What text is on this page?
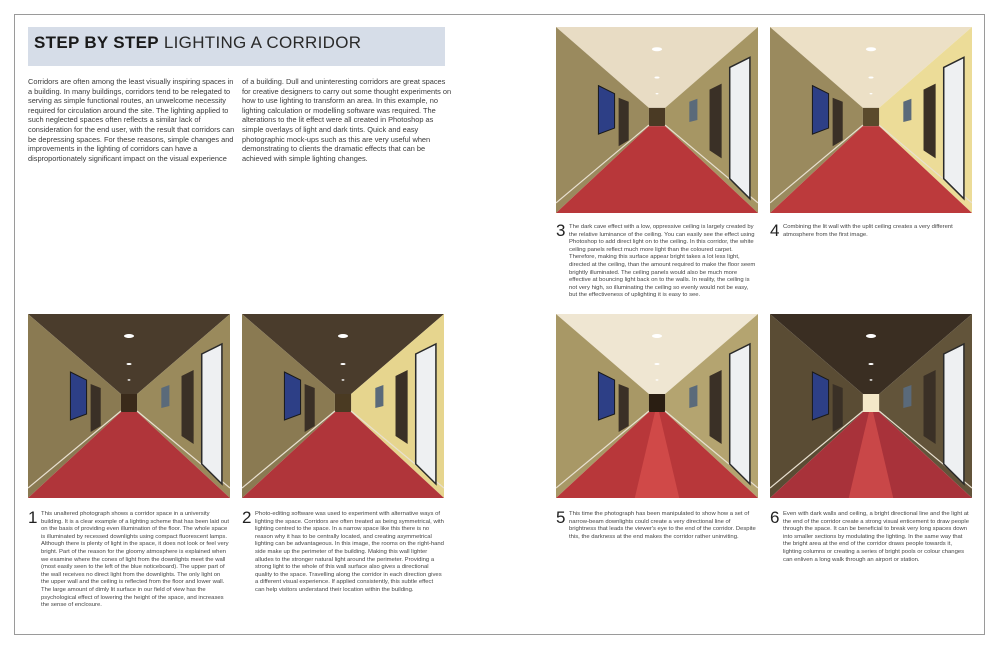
STEP BY STEP LIGHTING A CORRIDOR
Corridors are often among the least visually inspiring spaces in a building. In many buildings, corridors tend to be relegated to serving as simple functional routes, an unwelcome necessity required for circulation around the site. The lighting applied to such neglected spaces often reflects a similar lack of consideration for the end user, with the result that corridors can be depressing spaces. For these reasons, simple changes and improvements in the lighting of corridors can have a disproportionately significant impact on the visual experience
of a building. Dull and uninteresting corridors are great spaces for creative designers to carry out some thought experiments on how to use lighting to transform an area. In this example, no lighting calculation or modelling software was required. The alterations to the lit effect were all created in Photoshop as simple overlays of light and dark tints. Quick and easy photographic mock-ups such as this are very useful when demonstrating to clients the dramatic effects that can be achieved with simple lighting changes.
1 This unaltered photograph shows a corridor space in a university building. It is a clear example of a lighting scheme that has been laid out on the basis of providing even illumination of the floor. The whole space is illuminated by recessed downlights using compact fluorescent lamps. Although there is plenty of light in the space, it does not look or feel very bright. Part of the reason for the gloomy atmosphere is explained when we examine where the cones of light from the downlights meet the wall (most easily seen to the left of the blue noticeboard). The upper part of the wall receives no direct light from the downlights. The only light on the upper wall and the ceiling is reflected from the floor and lower wall. The large amount of dimly lit surface in our field of view has the psychological effect of lowering the height of the space, and increases the sense of enclosure.
2 Photo-editing software was used to experiment with alternative ways of lighting the space. Corridors are often treated as being symmetrical, with lighting centred to the space. In a narrow space like this there is no reason why it has to be centrally located, and creating asymmetrical lighting can be advantageous. In this image, the rooms on the right-hand side make up the perimeter of the building. Making this wall lighter alludes to the stronger natural light around the perimeter. Providing a strong light to the whole of this wall surface also gives a directional quality to the space. Travelling along the corridor in each direction gives a different visual experience. If applied consistently, this subtle effect can help visitors understand their location within the building.
3 The dark cave effect with a low, oppressive ceiling is largely created by the relative luminance of the ceiling. You can easily see the effect using Photoshop to add direct light on to the ceiling. In this corridor, the white ceiling panels reflect much more light than the coloured carpet. Therefore, making this surface appear bright takes a lot less light, directed at the ceiling, than the amount required to make the floor seem brightly illuminated. The ceiling panels would also be much more effective at bouncing light back on to the walls. In reality, the ceiling is not very high, so illuminating the ceiling so evenly would not be easy, but the effectiveness of uplighting it is easy to see.
4 Combining the lit wall with the uplit ceiling creates a very different atmosphere from the first image.
5 This time the photograph has been manipulated to show how a set of narrow-beam downlights could create a very directional line of brightness that leads the viewer's eye to the end of the corridor. Despite this, the darkness at the end makes the corridor rather uninviting.
6 Even with dark walls and ceiling, a bright directional line and the light at the end of the corridor create a strong visual enticement to draw people through the space. It can be beneficial to break very long spaces down into smaller sections by modulating the lighting. In the same way that the bright area at the end of the corridor draws people towards it, lighting columns or creating a series of bright pools or colour changes can enliven a long walk through an airport or station.
